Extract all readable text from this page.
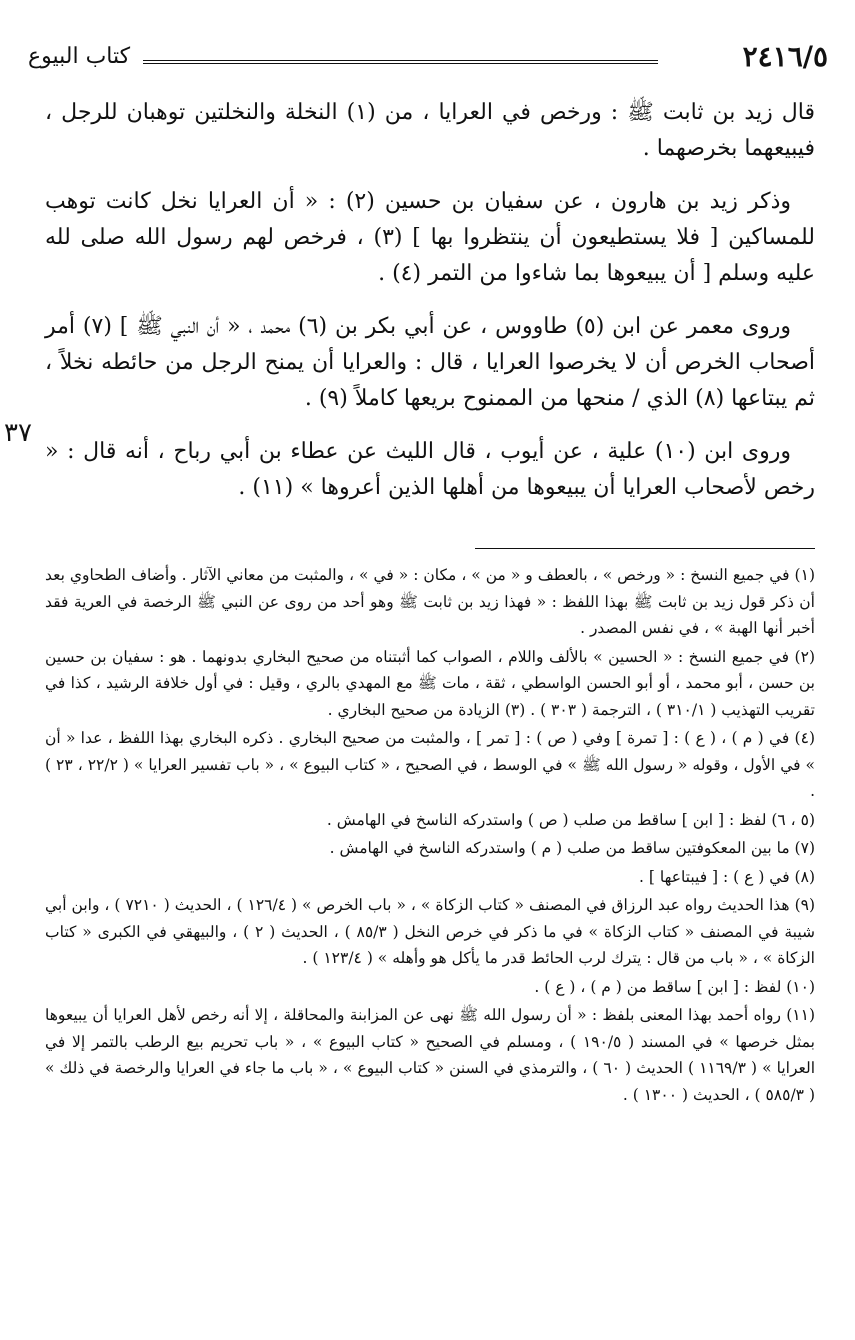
٢٤١٦/٥
كتاب البيوع
٣٧

قال زيد بن ثابت ﷺ : ورخص في العرايا ، من (١) النخلة والنخلتين توهبان للرجل ، فيبيعهما بخرصهما .

وذكر زيد بن هارون ، عن سفيان بن حسين (٢) : « أن العرايا نخل كانت توهب للمساكين [ فلا يستطيعون أن ينتظروا بها ] (٣) ، فرخص لهم رسول الله صلى لله عليه وسلم [ أن يبيعوها بما شاءوا من التمر (٤) .

وروى معمر عن ابن (٥) طاووس ، عن أبي بكر بن (٦) محمد ، « أن النبي ﷺ ] (٧) أمر أصحاب الخرص أن لا يخرصوا العرايا ، قال : والعرايا أن يمنح الرجل من حائطه نخلاً ، ثم يبتاعها (٨) الذي / منحها من الممنوح بريعها كاملاً (٩) .

وروى ابن (١٠) علية ، عن أيوب ، قال الليث عن عطاء بن أبي رباح ، أنه قال : « رخص لأصحاب العرايا أن يبيعوها من أهلها الذين أعروها » (١١) .

(١) في جميع النسخ : « ورخص » ، بالعطف و « من » ، مكان : « في » ، والمثبت من معاني الآثار . وأضاف الطحاوي بعد أن ذكر قول زيد بن ثابت ﷺ بهذا اللفظ : « فهذا زيد بن ثابت ﷺ وهو أحد من روى عن النبي ﷺ الرخصة في العرية فقد أخبر أنها الهبة » ، في نفس المصدر .

(٢) في جميع النسخ : « الحسين » بالألف واللام ، الصواب كما أثبتناه من صحيح البخاري بدونهما . هو : سفيان بن حسين بن حسن ، أبو محمد ، أو أبو الحسن الواسطي ، ثقة ، مات ﷺ مع المهدي بالري ، وقيل : في أول خلافة الرشيد ، كذا في تقريب التهذيب ( ٣١٠/١ ) ، الترجمة ( ٣٠٣ ) . (٣) الزيادة من صحيح البخاري .

(٤) في ( م ) ، ( ع ) : [ تمرة ] وفي ( ص ) : [ تمر ] ، والمثبت من صحيح البخاري . ذكره البخاري بهذا اللفظ ، عدا « أن » في الأول ، وقوله « رسول الله ﷺ » في الوسط ، في الصحيح ، « كتاب البيوع » ، « باب تفسير العرايا » ( ٢٢/٢ ، ٢٣ ) .

(٥ ، ٦) لفظ : [ ابن ] ساقط من صلب ( ص ) واستدركه الناسخ في الهامش .

(٧) ما بين المعكوفتين ساقط من صلب ( م ) واستدركه الناسخ في الهامش .

(٨) في ( ع ) : [ فيبتاعها ] .

(٩) هذا الحديث رواه عبد الرزاق في المصنف « كتاب الزكاة » ، « باب الخرص » ( ١٢٦/٤ ) ، الحديث ( ٧٢١٠ ) ، وابن أبي شيبة في المصنف « كتاب الزكاة » في ما ذكر في خرص النخل ( ٨٥/٣ ) ، الحديث ( ٢ ) ، والبيهقي في الكبرى « كتاب الزكاة » ، « باب من قال : يترك لرب الحائط قدر ما يأكل هو وأهله » ( ١٢٣/٤ ) .

(١٠) لفظ : [ ابن ] ساقط من ( م ) ، ( ع ) .

(١١) رواه أحمد بهذا المعنى بلفظ : « أن رسول الله ﷺ نهى عن المزابنة والمحاقلة ، إلا أنه رخص لأهل العرايا أن يبيعوها بمثل خرصها » في المسند ( ١٩٠/٥ ) ، ومسلم في الصحيح « كتاب البيوع » ، « باب تحريم بيع الرطب بالتمر إلا في العرايا » ( ١١٦٩/٣ ) الحديث ( ٦٠ ) ، والترمذي في السنن « كتاب البيوع » ، « باب ما جاء في العرايا والرخصة في ذلك » ( ٥٨٥/٣ ) ، الحديث ( ١٣٠٠ ) .
